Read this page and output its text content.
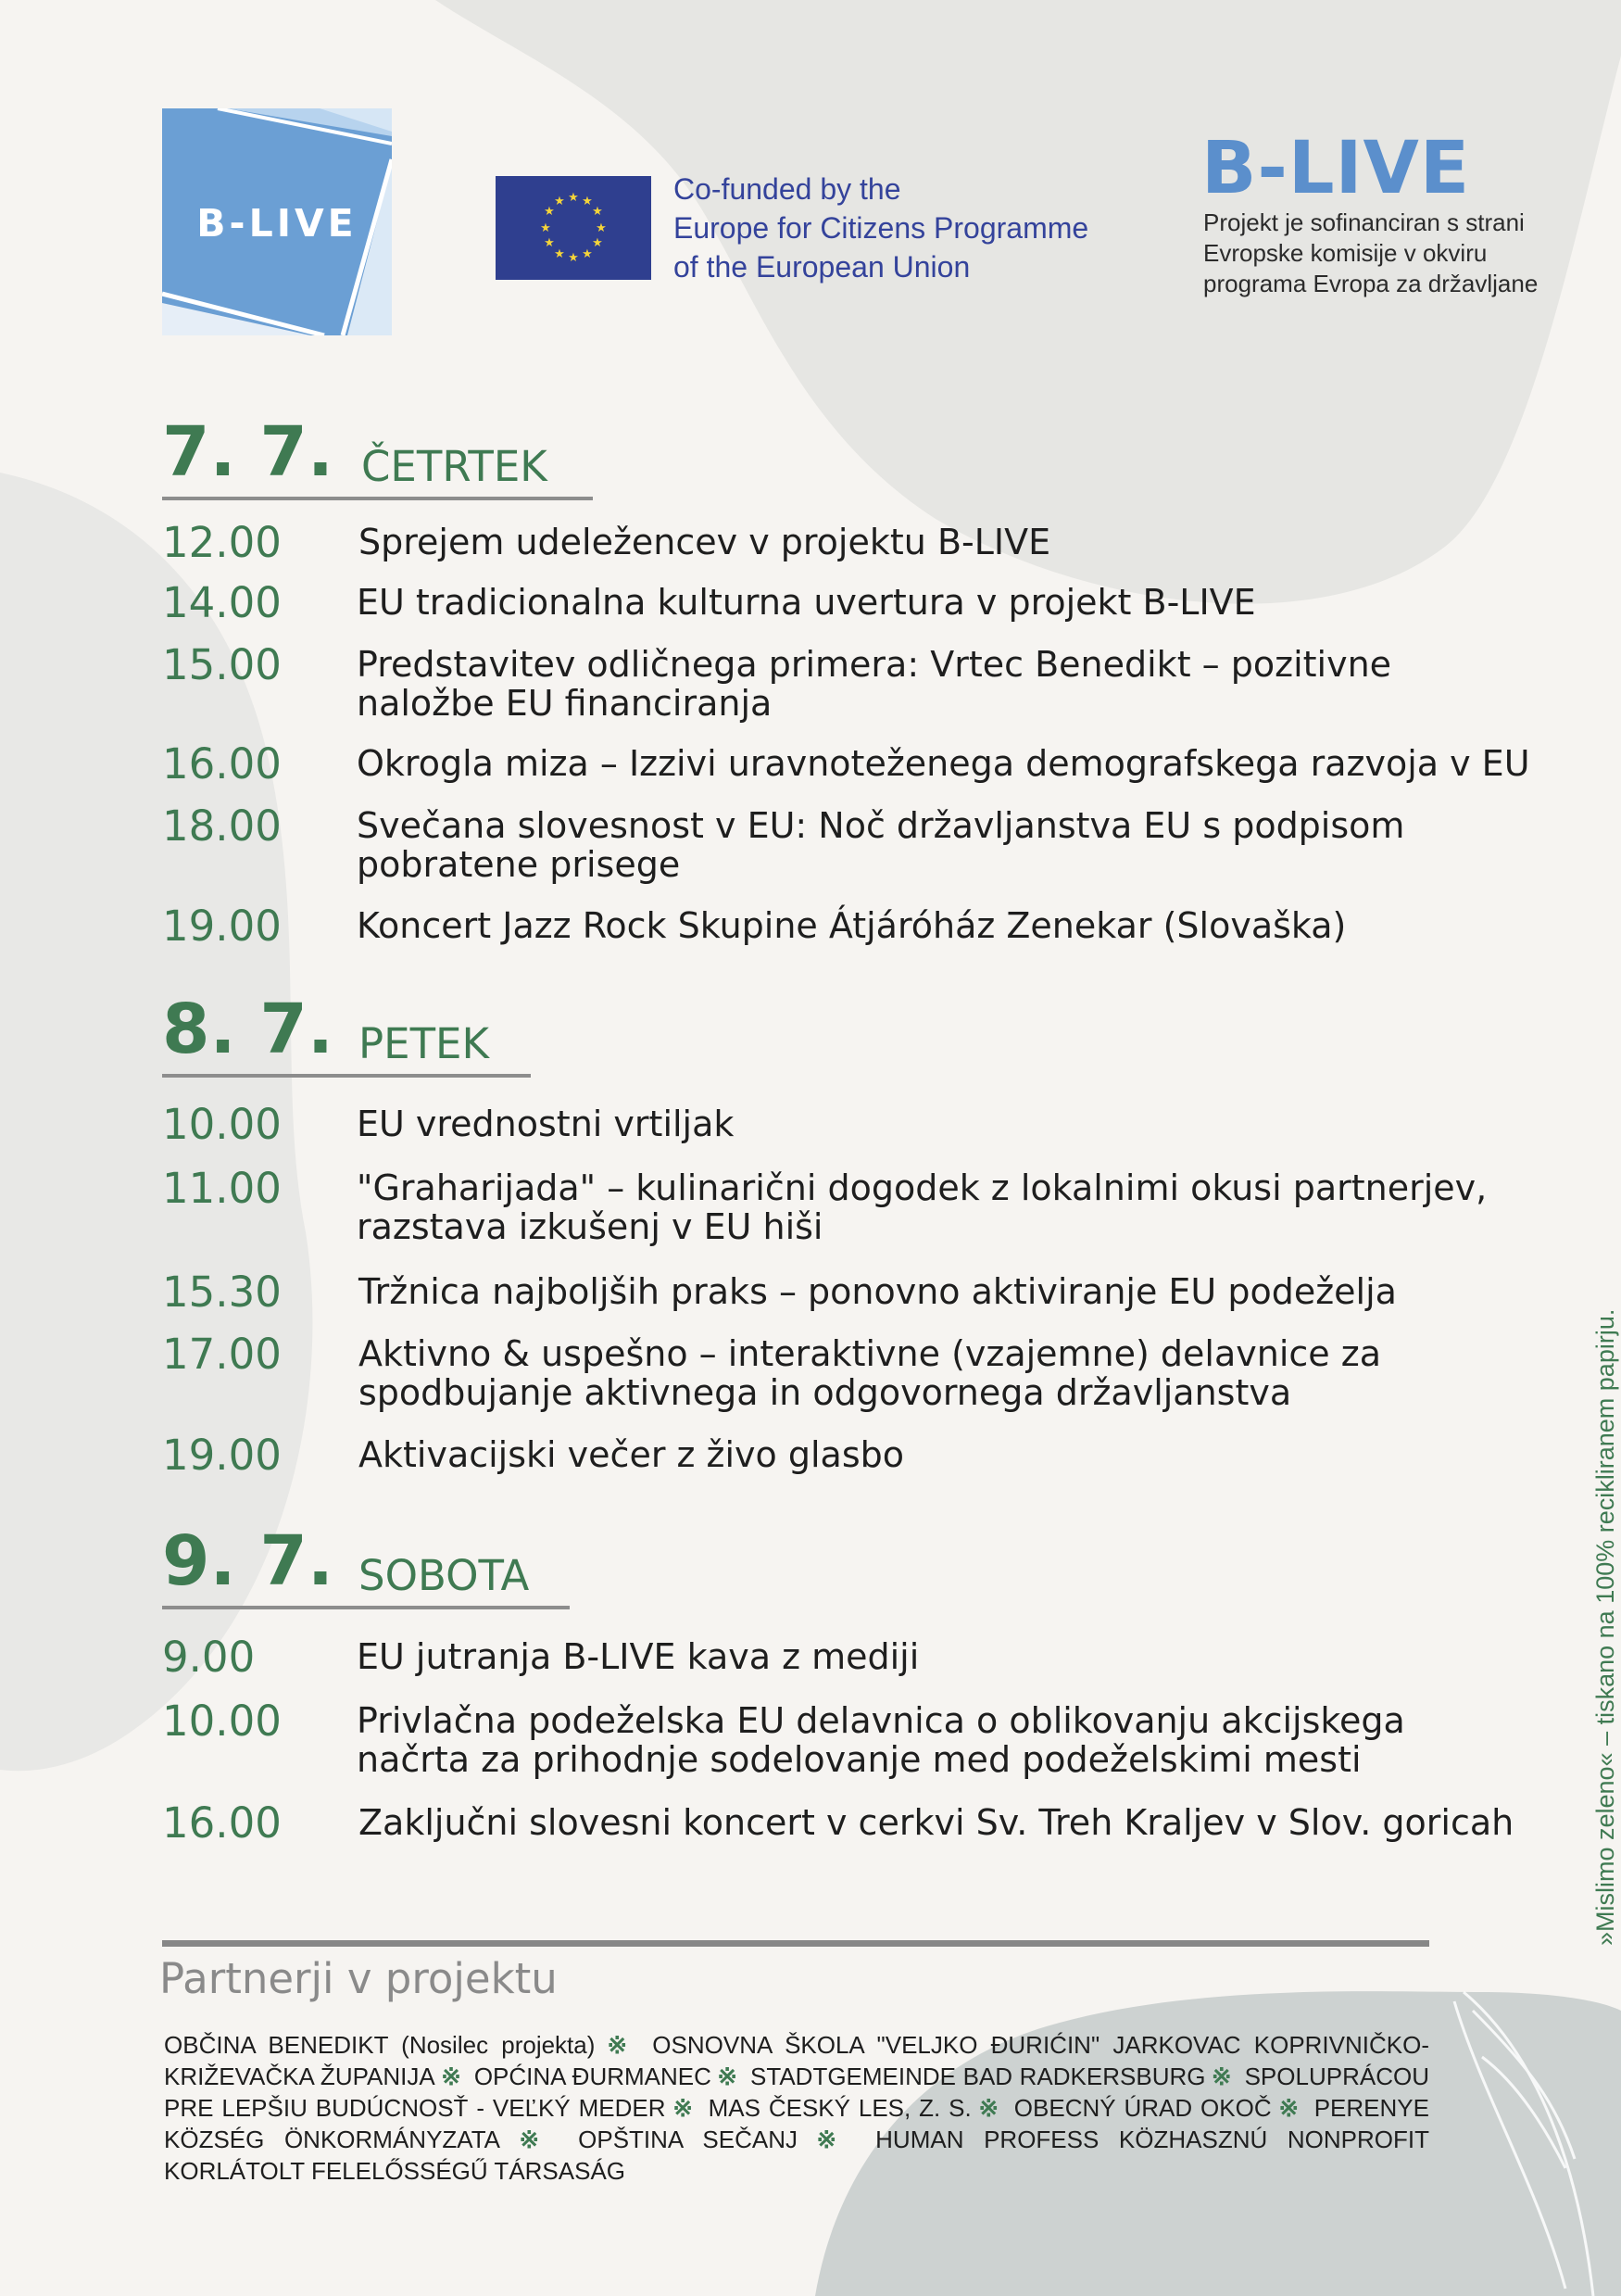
B-LIVE
★ ★
★
★
★
★
★
★
★
★
★
★	Co-funded by the
Europe for Citizens Programme
of the European Union
B-LIVE
Projekt je sofinanciran s strani
Evropske komisije v okviru
programa Evropa za državljane
7. 7. ČETRTEK
12.00 Sprejem udeležencev v projektu B-LIVE
14.00 EU tradicionalna kulturna uvertura v projekt B-LIVE
15.00 Predstavitev odličnega primera: Vrtec Benedikt – pozitivne
naložbe EU financiranja
16.00 Okrogla miza – Izzivi uravnoteženega demografskega razvoja v EU
18.00 Svečana slovesnost v EU: Noč državljanstva EU s podpisom
pobratene prisege
19.00 Koncert Jazz Rock Skupine Átjáróház Zenekar (Slovaška)
8. 7. PETEK
10.00 EU vrednostni vrtiljak
11.00 "Graharijada" – kulinarični dogodek z lokalnimi okusi partnerjev,
razstava izkušenj v EU hiši
15.30 Tržnica najboljših praks – ponovno aktiviranje EU podeželja
17.00 Aktivno & uspešno – interaktivne (vzajemne) delavnice za
spodbujanje aktivnega in odgovornega državljanstva
19.00 Aktivacijski večer z živo glasbo
9. 7. SOBOTA
9.00	EU jutranja B-LIVE kava z mediji
10.00 Privlačna podeželska EU delavnica o oblikovanju akcijskega
načrta za prihodnje sodelovanje med podeželskimi mesti
16.00 Zaključni slovesni koncert v cerkvi Sv. Treh Kraljev v Slov. goricah
Partnerji v projektu
OBČINA BENEDIKT (Nosilec projekta) ※ OSNOVNA ŠKOLA "VELJKO ĐURIĆIN" JARKOVAC KOPRIVNIČKO-KRIŽEVAČKA ŽUPANIJA ※ OPĆINA ĐURMANEC ※ STADTGEMEINDE BAD RADKERSBURG ※ SPOLUPRÁCOU PRE LEPŠIU BUDÚCNOSŤ - VEĽKÝ MEDER ※ MAS ČESKÝ LES, Z. S. ※ OBECNÝ ÚRAD OKOČ ※ PERENYE KÖZSÉG ÖNKORMÁNYZATA ※ OPŠTINA SEČANJ ※ HUMAN PROFESS KÖZHASZNÚ NONPROFIT KORLÁTOLT FELELŐSSÉGŰ TÁRSASÁG
»Mislimo zeleno« – tiskano na 100% recikliranem papirju.
